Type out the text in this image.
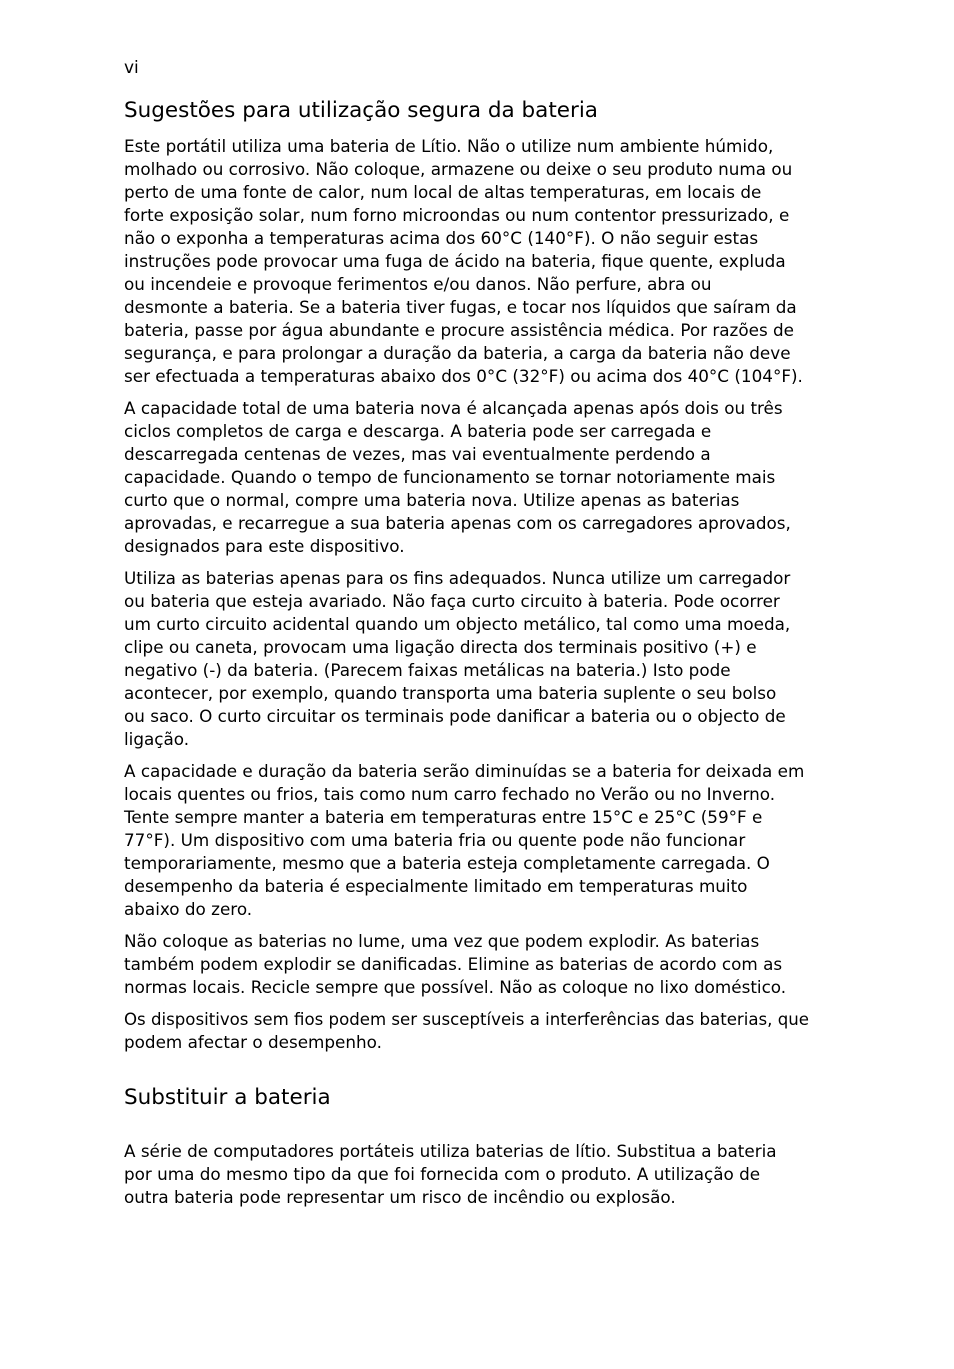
vi
Sugestões para utilização segura da bateria

Este portátil utiliza uma bateria de Lítio. Não o utilize num ambiente húmido,
molhado ou corrosivo. Não coloque, armazene ou deixe o seu produto numa ou
perto de uma fonte de calor, num local de altas temperaturas, em locais de
forte exposição solar, num forno microondas ou num contentor pressurizado, e
não o exponha a temperaturas acima dos 60°C (140°F). O não seguir estas
instruções pode provocar uma fuga de ácido na bateria, fique quente, expluda
ou incendeie e provoque ferimentos e/ou danos. Não perfure, abra ou
desmonte a bateria. Se a bateria tiver fugas, e tocar nos líquidos que saíram da
bateria, passe por água abundante e procure assistência médica. Por razões de
segurança, e para prolongar a duração da bateria, a carga da bateria não deve
ser efectuada a temperaturas abaixo dos 0°C (32°F) ou acima dos 40°C (104°F).

A capacidade total de uma bateria nova é alcançada apenas após dois ou três
ciclos completos de carga e descarga. A bateria pode ser carregada e
descarregada centenas de vezes, mas vai eventualmente perdendo a
capacidade. Quando o tempo de funcionamento se tornar notoriamente mais
curto que o normal, compre uma bateria nova. Utilize apenas as baterias
aprovadas, e recarregue a sua bateria apenas com os carregadores aprovados,
designados para este dispositivo.

Utiliza as baterias apenas para os fins adequados. Nunca utilize um carregador
ou bateria que esteja avariado. Não faça curto circuito à bateria. Pode ocorrer
um curto circuito acidental quando um objecto metálico, tal como uma moeda,
clipe ou caneta, provocam uma ligação directa dos terminais positivo (+) e
negativo (-) da bateria. (Parecem faixas metálicas na bateria.) Isto pode
acontecer, por exemplo, quando transporta uma bateria suplente o seu bolso
ou saco. O curto circuitar os terminais pode danificar a bateria ou o objecto de
ligação.

A capacidade e duração da bateria serão diminuídas se a bateria for deixada em
locais quentes ou frios, tais como num carro fechado no Verão ou no Inverno.
Tente sempre manter a bateria em temperaturas entre 15°C e 25°C (59°F e
77°F). Um dispositivo com uma bateria fria ou quente pode não funcionar
temporariamente, mesmo que a bateria esteja completamente carregada. O
desempenho da bateria é especialmente limitado em temperaturas muito
abaixo do zero.

Não coloque as baterias no lume, uma vez que podem explodir. As baterias
também podem explodir se danificadas. Elimine as baterias de acordo com as
normas locais. Recicle sempre que possível. Não as coloque no lixo doméstico.

Os dispositivos sem fios podem ser susceptíveis a interferências das baterias, que
podem afectar o desempenho.

Substituir a bateria

A série de computadores portáteis utiliza baterias de lítio. Substitua a bateria
por uma do mesmo tipo da que foi fornecida com o produto. A utilização de
outra bateria pode representar um risco de incêndio ou explosão.
